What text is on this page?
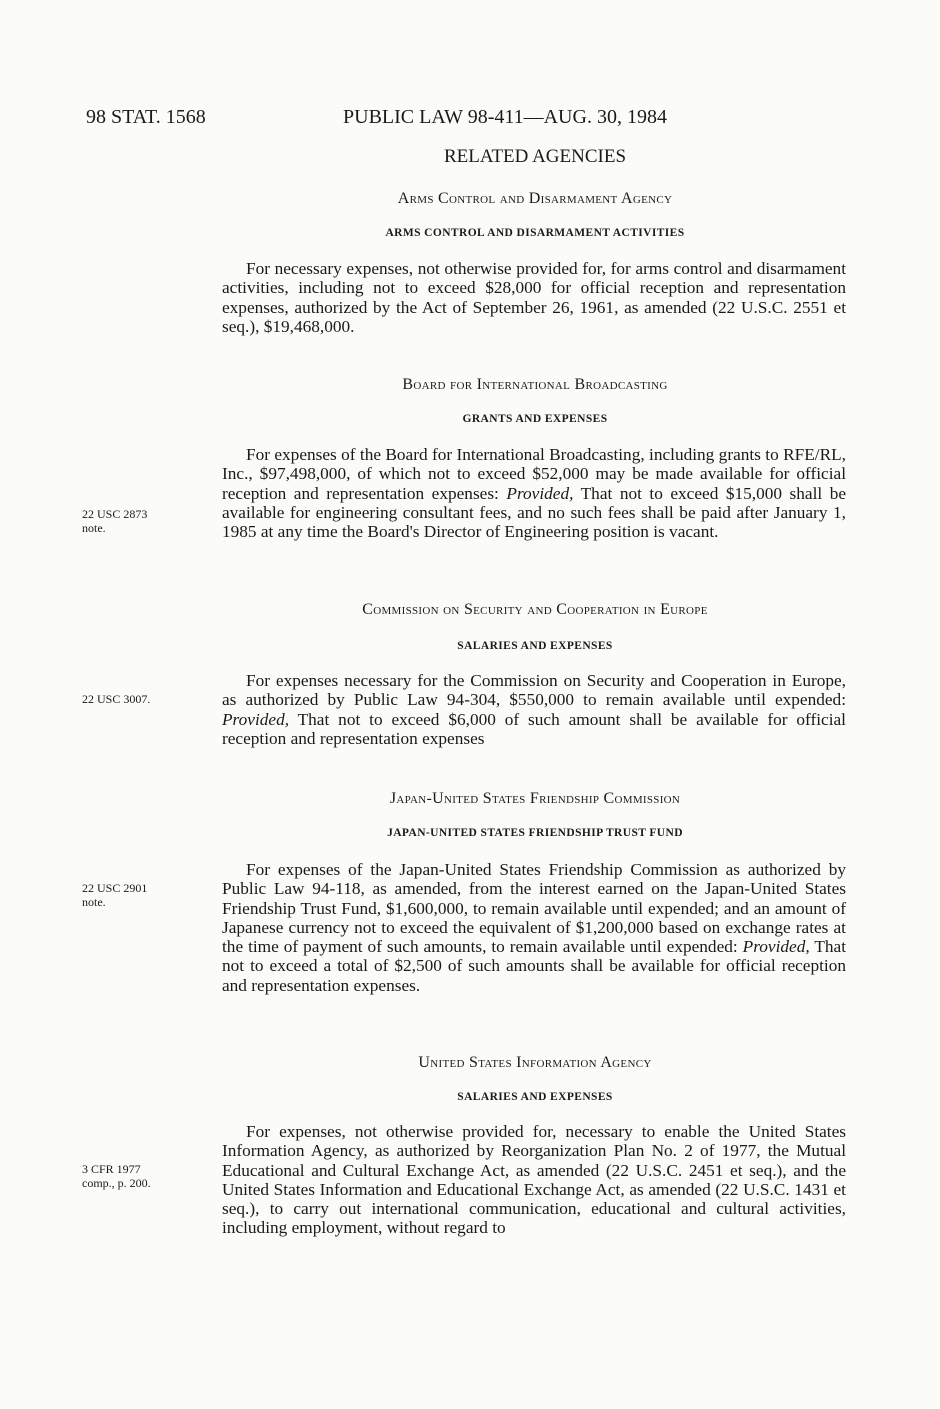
98 STAT. 1568	PUBLIC LAW 98-411—AUG. 30, 1984
RELATED AGENCIES
Arms Control and Disarmament Agency
ARMS CONTROL AND DISARMAMENT ACTIVITIES

For necessary expenses, not otherwise provided for, for arms control and disarmament activities, including not to exceed $28,000 for official reception and representation expenses, authorized by the Act of September 26, 1961, as amended (22 U.S.C. 2551 et seq.), $19,468,000.

Board for International Broadcasting
GRANTS AND EXPENSES

For expenses of the Board for International Broadcasting, including grants to RFE/RL, Inc., $97,498,000, of which not to exceed $52,000 may be made available for official reception and representation expenses: Provided, That not to exceed $15,000 shall be available for engineering consultant fees, and no such fees shall be paid after January 1, 1985 at any time the Board's Director of Engineering position is vacant.

22 USC 2873
note.
Commission on Security and Cooperation in Europe
SALARIES AND EXPENSES

For expenses necessary for the Commission on Security and Cooperation in Europe, as authorized by Public Law 94-304, $550,000 to remain available until expended: Provided, That not to exceed $6,000 of such amount shall be available for official reception and representation expenses

22 USC 3007.
Japan-United States Friendship Commission
JAPAN-UNITED STATES FRIENDSHIP TRUST FUND

For expenses of the Japan-United States Friendship Commission as authorized by Public Law 94-118, as amended, from the interest earned on the Japan-United States Friendship Trust Fund, $1,600,000, to remain available until expended; and an amount of Japanese currency not to exceed the equivalent of $1,200,000 based on exchange rates at the time of payment of such amounts, to remain available until expended: Provided, That not to exceed a total of $2,500 of such amounts shall be available for official reception and representation expenses.

22 USC 2901
note.
United States Information Agency
SALARIES AND EXPENSES

For expenses, not otherwise provided for, necessary to enable the United States Information Agency, as authorized by Reorganization Plan No. 2 of 1977, the Mutual Educational and Cultural Exchange Act, as amended (22 U.S.C. 2451 et seq.), and the United States Information and Educational Exchange Act, as amended (22 U.S.C. 1431 et seq.), to carry out international communication, educational and cultural activities, including employment, without regard to

3 CFR 1977
comp., p. 200.
